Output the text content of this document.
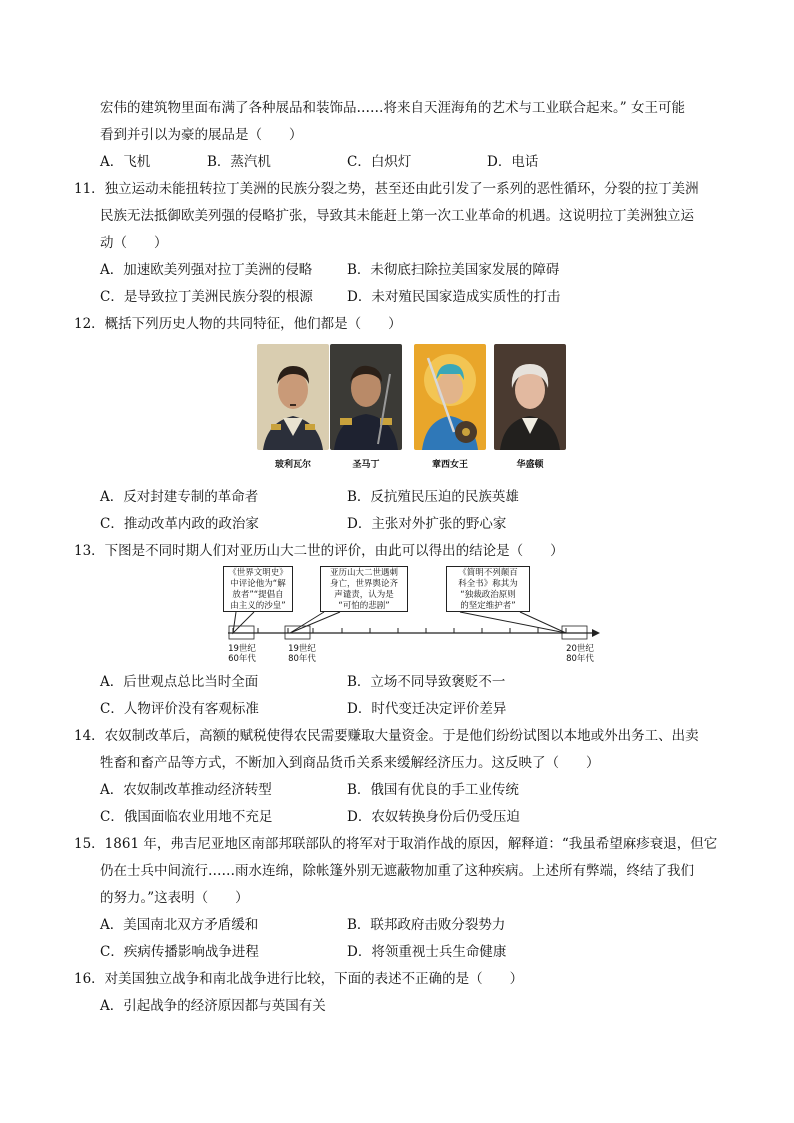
宏伟的建筑物里面布满了各种展品和装饰品……将来自天涯海角的艺术与工业联合起来。” 女王可能
看到并引以为豪的展品是（　　）
A．飞机	B．蒸汽机	C．白炽灯	D．电话
11．独立运动未能扭转拉丁美洲的民族分裂之势，甚至还由此引发了一系列的恶性循环，分裂的拉丁美洲
民族无法抵御欧美列强的侵略扩张，导致其未能赶上第一次工业革命的机遇。这说明拉丁美洲独立运
动（　　）
A．加速欧美列强对拉丁美洲的侵略	B．未彻底扫除拉美国家发展的障碍
C．是导致拉丁美洲民族分裂的根源	D．未对殖民国家造成实质性的打击
12．概括下列历史人物的共同特征，他们都是（　　）
玻利瓦尔	圣马丁	章西女王	华盛顿
A．反对封建专制的革命者	B．反抗殖民压迫的民族英雄
C．推动改革内政的政治家	D．主张对外扩张的野心家
13．下图是不同时期人们对亚历山大二世的评价，由此可以得出的结论是（　　）
《世界文明史》
中评论他为“解
放者”“提倡自
由主义的沙皇”
亚历山大二世遇刺
身亡，世界舆论齐
声谴责，认为是
“可怕的悲剧”
《简明不列颠百
科全书》称其为
“独裁政治原则
的坚定维护者”
19世纪
60年代
19世纪
80年代
20世纪
80年代
A．后世观点总比当时全面	B．立场不同导致褒贬不一
C．人物评价没有客观标准	D．时代变迁决定评价差异
14．农奴制改革后，高额的赋税使得农民需要赚取大量资金。于是他们纷纷试图以本地或外出务工、出卖
牲畜和畜产品等方式，不断加入到商品货币关系来缓解经济压力。这反映了（　　）
A．农奴制改革推动经济转型	B．俄国有优良的手工业传统
C．俄国面临农业用地不充足	D．农奴转换身份后仍受压迫
15．1861 年，弗吉尼亚地区南部邦联部队的将军对于取消作战的原因，解释道：“我虽希望麻疹衰退，但它
仍在士兵中间流行……雨水连绵，除帐篷外别无遮蔽物加重了这种疾病。上述所有弊端，终结了我们
的努力。”这表明（　　）
A．美国南北双方矛盾缓和	B．联邦政府击败分裂势力
C．疾病传播影响战争进程	D．将领重视士兵生命健康
16．对美国独立战争和南北战争进行比较，下面的表述不正确的是（　　）
A．引起战争的经济原因都与英国有关
